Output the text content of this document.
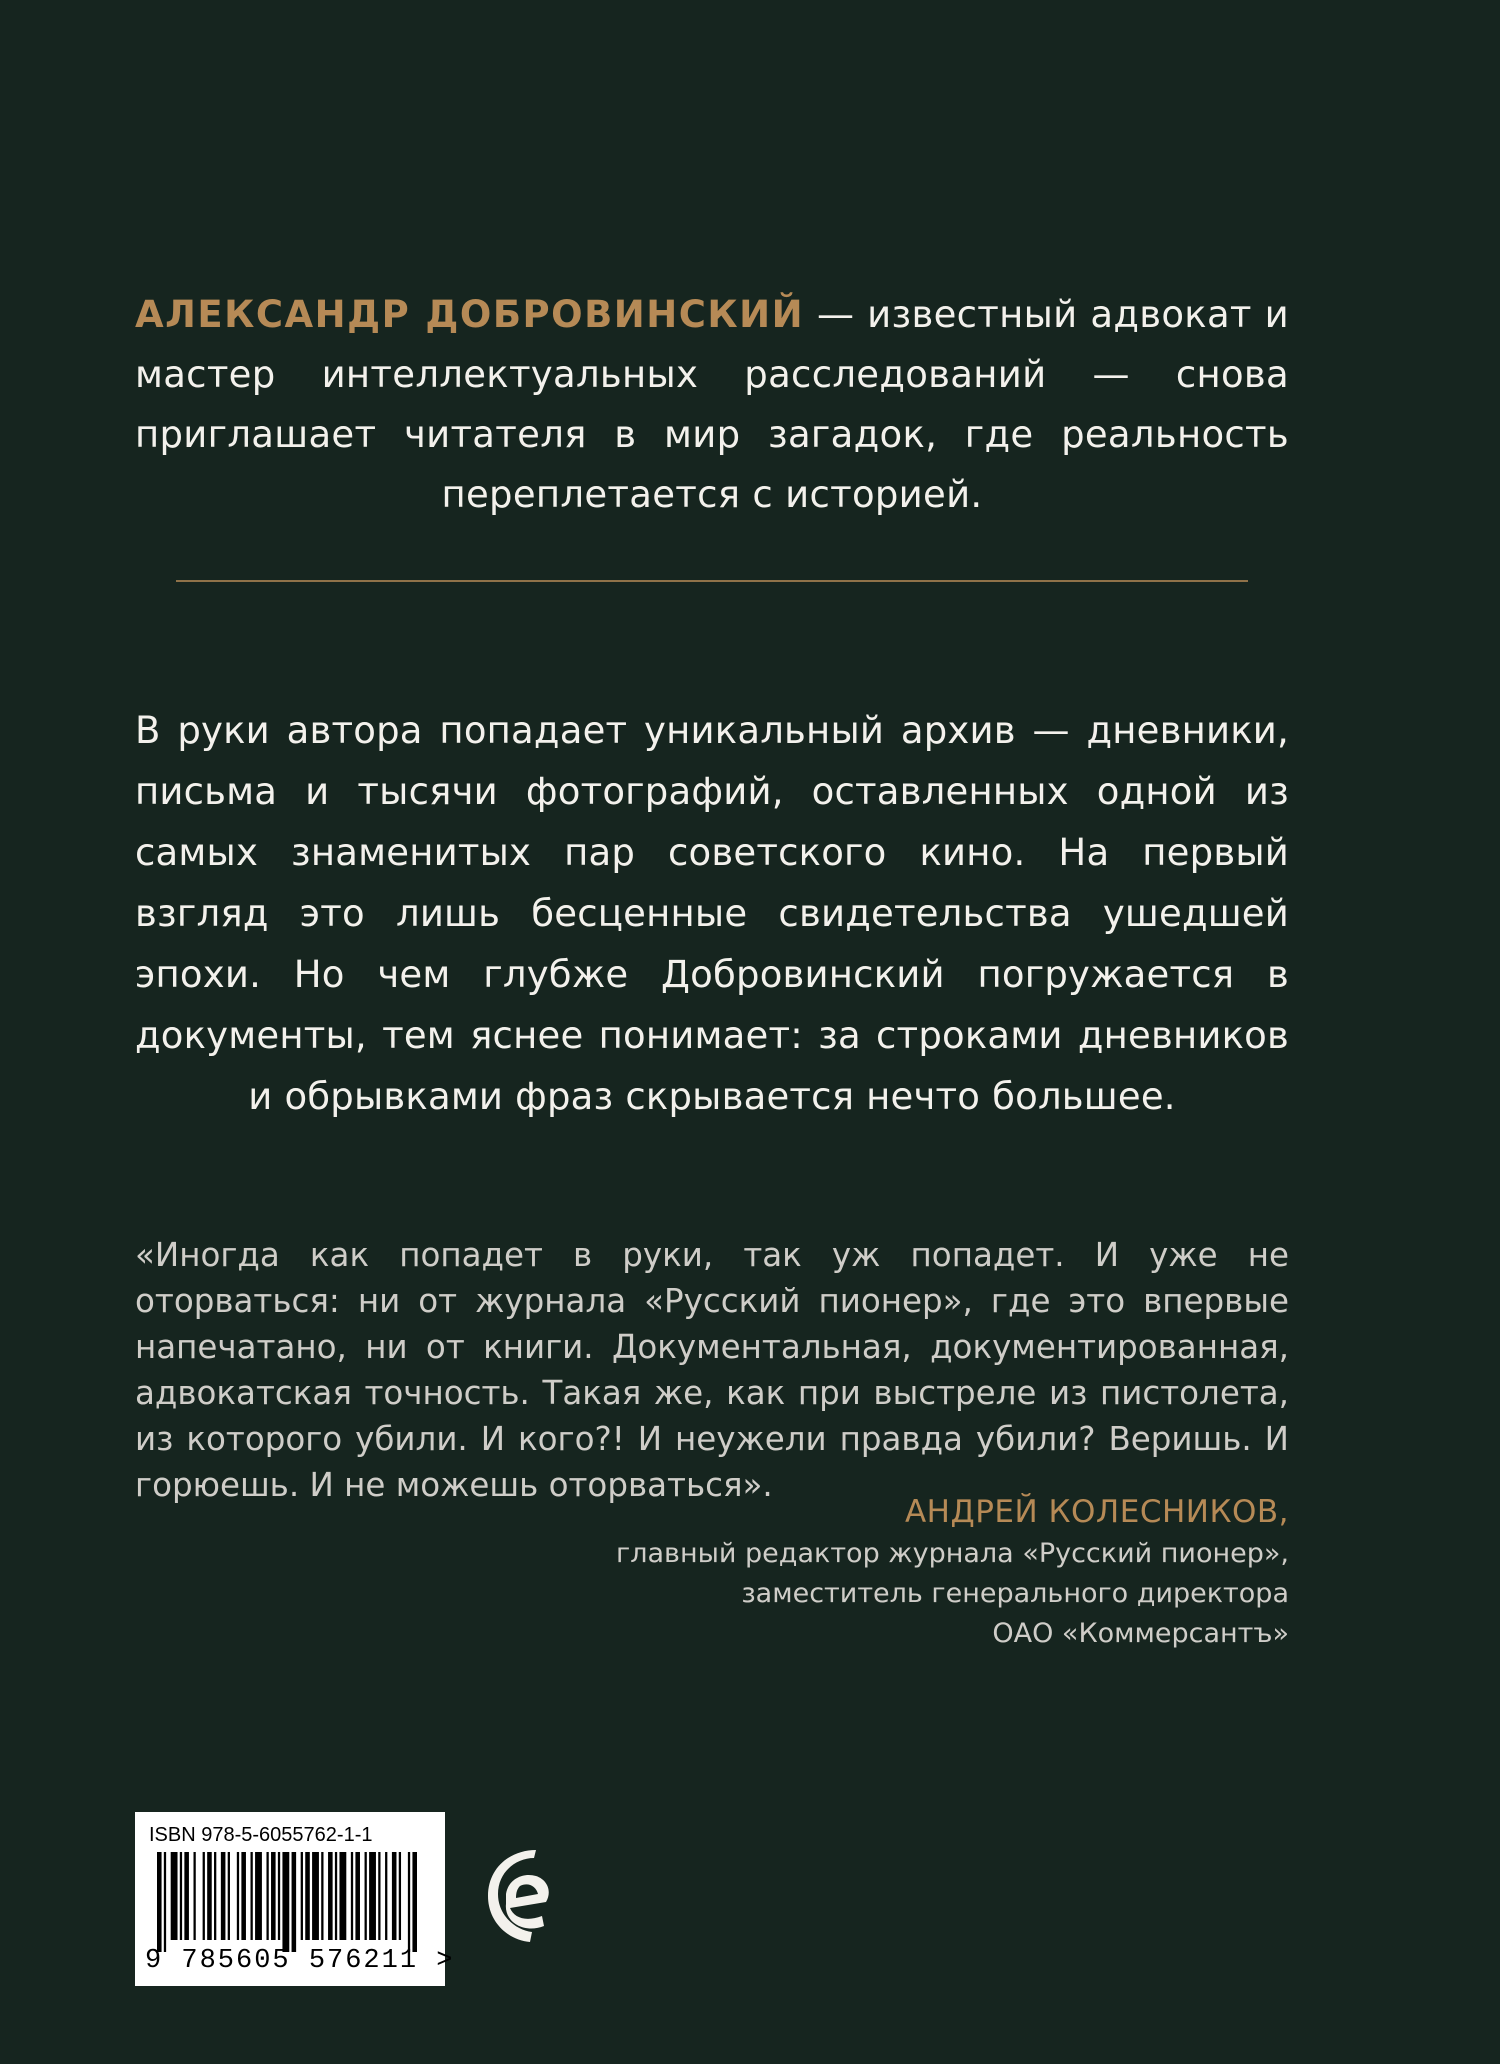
АЛЕКСАНДР ДОБРОВИНСКИЙ — известный адвокат и мастер интеллектуальных расследований — снова приглашает читателя в мир загадок, где реальность переплетается с историей.

В руки автора попадает уникальный архив — дневники, письма и тысячи фотографий, оставленных одной из самых знаменитых пар советского кино. На первый взгляд это лишь бесценные свидетельства ушедшей эпохи. Но чем глубже Добровинский погружается в документы, тем яснее понимает: за строками дневников и обрывками фраз скрывается нечто большее.

«Иногда как попадет в руки, так уж попадет. И уже не оторваться: ни от журнала «Русский пионер», где это впервые напечатано, ни от книги. Документальная, документированная, адвокатская точность. Такая же, как при выстреле из пистолета, из которого убили. И кого?! И неужели правда убили? Веришь. И горюешь. И не можешь оторваться».

АНДРЕЙ КОЛЕСНИКОВ,
главный редактор журнала «Русский пионер»,
заместитель генерального директора
ОАО «Коммерсантъ»
ISBN 978-5-6055762-1-1
9 785605 576211 >
